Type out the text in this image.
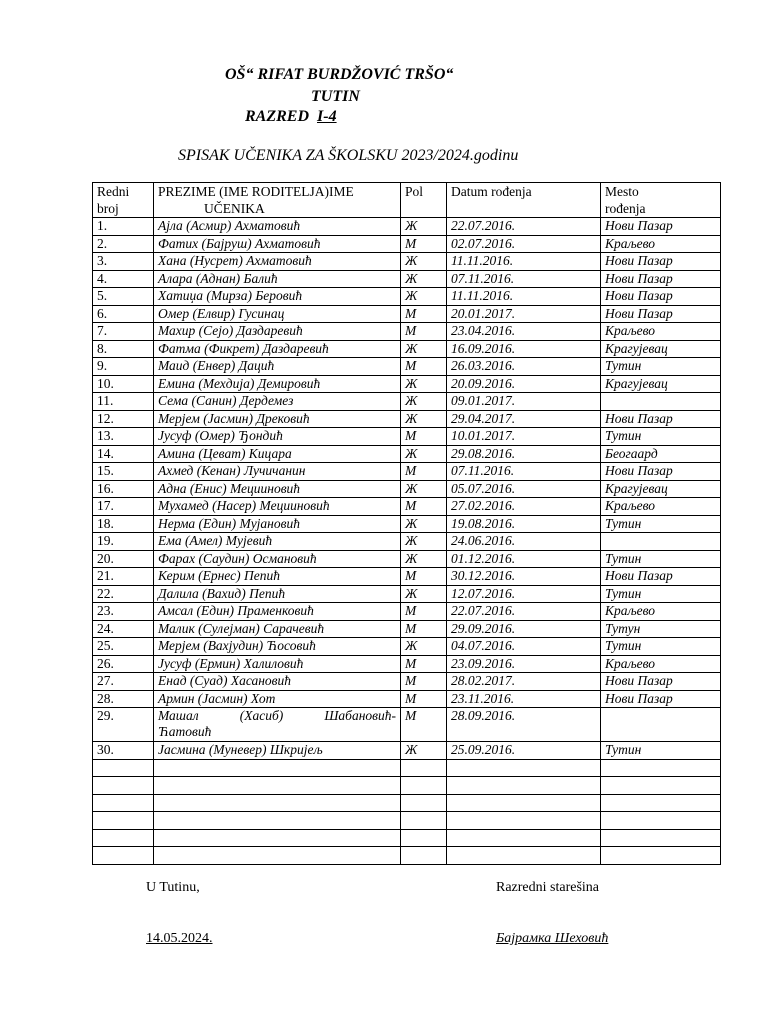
OŠ“ RIFAT BURDŽOVIĆ TRŠO“
TUTIN
RAZRED I-4
SPISAK UČENIKA ZA ŠKOLSKU 2023/2024.godinu
Redni
broj	PREZIME (IME RODITELJA)IME
UČENIKA	Pol	Datum rođenja	Mesto
rođenja
1.	Ајла (Асмир) Ахматовић	Ж	22.07.2016.	Нови Пазар
2.	Фатих (Бајруш) Ахматовић	М	02.07.2016.	Краљево
3.	Хана (Нусрет) Ахматовић	Ж	11.11.2016.	Нови Пазар
4.	Алара (Аднан) Балић	Ж	07.11.2016.	Нови Пазар
5.	Хатиџа (Мирза) Беровић	Ж	11.11.2016.	Нови Пазар
6.	Омер (Елвир) Гусинац	М	20.01.2017.	Нови Пазар
7.	Махир (Сејо) Даздаревић	М	23.04.2016.	Краљево
8.	Фатма (Фикрет) Даздаревић	Ж	16.09.2016.	Крагујевац
9.	Маид (Енвер) Дацић	М	26.03.2016.	Тутин
10.	Емина (Мехдија) Демировић	Ж	20.09.2016.	Крагујевац
11.	Сема (Санин) Дердемез	Ж	09.01.2017.	
12.	Мерјем (Јасмин) Дрековић	Ж	29.04.2017.	Нови Пазар
13.	Јусуф (Омер) Ђондић	М	10.01.2017.	Тутин
14.	Амина (Цеват) Кицара	Ж	29.08.2016.	Беогаард
15.	Ахмед (Кенан) Лучичанин	М	07.11.2016.	Нови Пазар
16.	Адна (Енис) Мецииновић	Ж	05.07.2016.	Крагујевац
17.	Мухамед (Насер) Мецииновић	М	27.02.2016.	Краљево
18.	Нерма (Един) Мујановић	Ж	19.08.2016.	Тутин
19.	Ема (Амел) Мујевић	Ж	24.06.2016.	
20.	Фарах (Саудин) Османовић	Ж	01.12.2016.	Тутин
21.	Керим (Ернес) Пепић	М	30.12.2016.	Нови Пазар
22.	Далила (Вахид) Пепић	Ж	12.07.2016.	Тутин
23.	Амсал (Един) Праменковић	М	22.07.2016.	Краљево
24.	Малик (Сулејман) Сарачевић	М	29.09.2016.	Тутун
25.	Мерјем (Вахјудин) Ћосовић	Ж	04.07.2016.	Тутин
26.	Јусуф (Ермин) Халиловић	М	23.09.2016.	Краљево
27.	Енад (Суад) Хасановић	М	28.02.2017.	Нови Пазар
28.	Армин (Јасмин) Хот	М	23.11.2016.	Нови Пазар
29.	Машал (Хасиб) Шабановић-
Ћатовић	М	28.09.2016.	
30.	Јасмина (Муневер) Шкријељ	Ж	25.09.2016.	Тутин

U Tutinu,	Razredni starešina
14.05.2024.	Бајрамка Шеховић
